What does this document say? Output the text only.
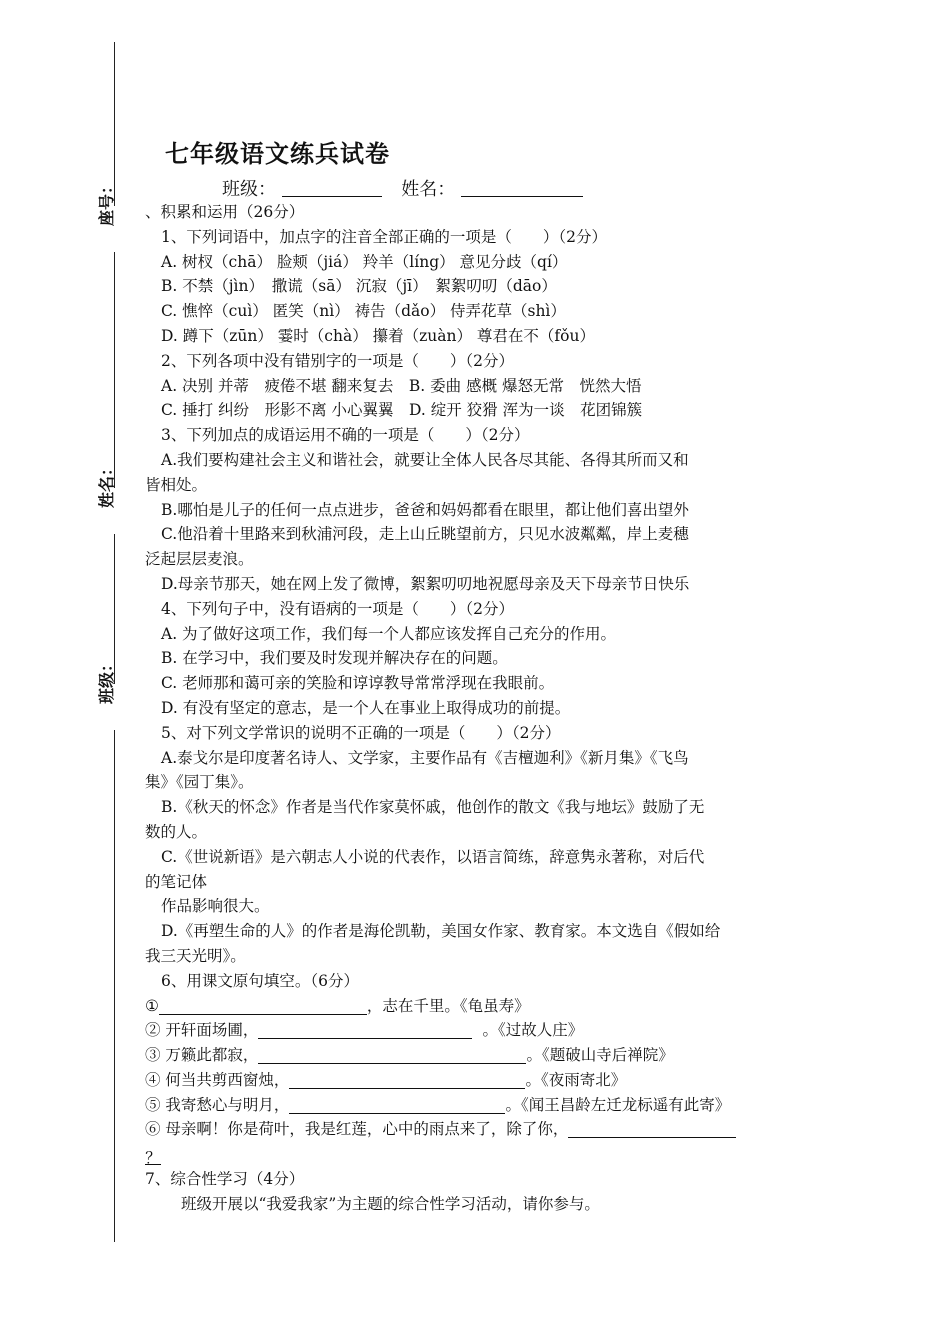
座号：
姓名：
班级：
七年级语文练兵试卷
班级：	姓名：
、积累和运用（26分）
1、下列词语中，加点字的注音全部正确的一项是（　　）（2分）
A. 树杈（chā） 脸颊（jiá） 羚羊（líng） 意见分歧（qí）
B. 不禁（jìn）　撒谎（sā） 沉寂（jī）　絮絮叨叨（dāo）
C. 憔悴（cuì） 匿笑（nì） 祷告（dǎo） 侍弄花草（shì）
D. 蹲下（zūn） 霎时（chà） 攥着（zuàn） 尊君在不（fǒu）
2、下列各项中没有错别字的一项是（　　）（2分）
A. 决别 并蒂　疲倦不堪 翻来复去　B. 委曲 感概 爆怒无常　恍然大悟
C. 捶打 纠纷　形影不离 小心翼翼　D. 绽开 狡猾 浑为一谈　花团锦簇
3、下列加点的成语运用不确的一项是（　　）（2分）
A.我们要构建社会主义和谐社会，就要让全体人民各尽其能、各得其所而又和
皆相处。
B.哪怕是儿子的任何一点点进步，爸爸和妈妈都看在眼里，都让他们喜出望外
C.他沿着十里路来到秋浦河段，走上山丘眺望前方，只见水波粼粼，岸上麦穗
泛起层层麦浪。
D.母亲节那天，她在网上发了微博，絮絮叨叨地祝愿母亲及天下母亲节日快乐
4、下列句子中，没有语病的一项是（　　）（2分）
A. 为了做好这项工作，我们每一个人都应该发挥自己充分的作用。
B. 在学习中，我们要及时发现并解决存在的问题。
C. 老师那和蔼可亲的笑脸和谆谆教导常常浮现在我眼前。
D. 有没有坚定的意志，是一个人在事业上取得成功的前提。
5、对下列文学常识的说明不正确的一项是（　　）（2分）
A.泰戈尔是印度著名诗人、文学家，主要作品有《吉檀迦利》《新月集》《飞鸟
集》《园丁集》。
B.《秋天的怀念》作者是当代作家莫怀戚，他创作的散文《我与地坛》鼓励了无
数的人。
C.《世说新语》是六朝志人小说的代表作，以语言简练，辞意隽永著称，对后代
的笔记体
作品影响很大。
D.《再塑生命的人》的作者是海伦凯勒，美国女作家、教育家。本文选自《假如给
我三天光明》。
6、用课文原句填空。（6分）
①	，志在千里。《龟虽寿》
② 开轩面场圃，	。《过故人庄》
③ 万籁此都寂，	。《题破山寺后禅院》
④ 何当共剪西窗烛，	。《夜雨寄北》
⑤ 我寄愁心与明月，	。《闻王昌龄左迁龙标遥有此寄》
⑥ 母亲啊！你是荷叶，我是红莲，心中的雨点来了，除了你，
？
7、综合性学习（4分）
班级开展以“我爱我家”为主题的综合性学习活动，请你参与。
